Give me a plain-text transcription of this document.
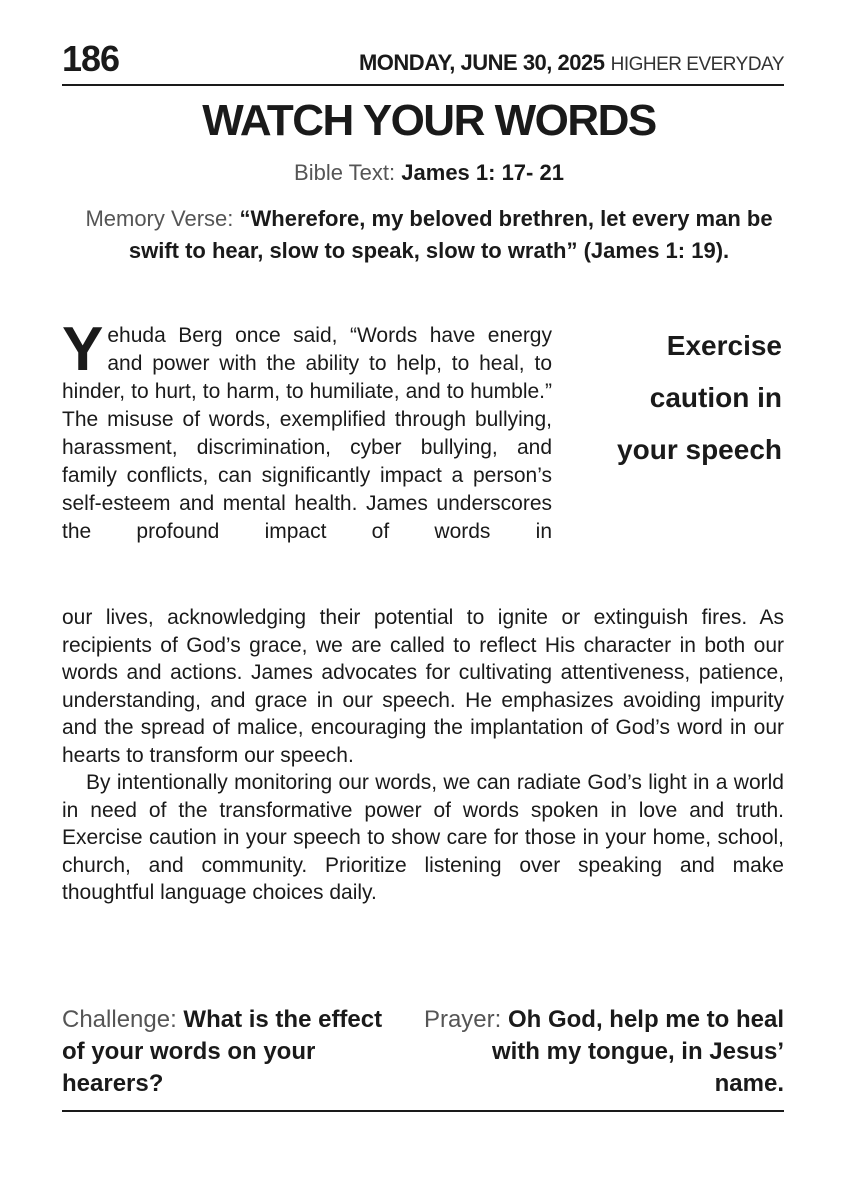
186	MONDAY, JUNE 30, 2025 HIGHER EVERYDAY
WATCH YOUR WORDS
Bible Text: James 1: 17- 21
Memory Verse: “Wherefore, my beloved brethren, let every man be swift to hear, slow to speak, slow to wrath” (James 1: 19).
Exercise caution in your speech
Yehuda Berg once said, “Words have energy and power with the ability to help, to heal, to hinder, to hurt, to harm, to humiliate, and to humble.” The misuse of words, exemplified through bullying, harassment, discrimination, cyber bullying, and family conflicts, can significantly impact a person’s self-esteem and mental health. James underscores the profound impact of words in

our lives, acknowledging their potential to ignite or extinguish fires. As recipients of God’s grace, we are called to reflect His character in both our words and actions. James advocates for cultivating attentiveness, patience, understanding, and grace in our speech. He emphasizes avoiding impurity and the spread of malice, encouraging the implantation of God’s word in our hearts to transform our speech.

By intentionally monitoring our words, we can radiate God’s light in a world in need of the transformative power of words spoken in love and truth. Exercise caution in your speech to show care for those in your home, school, church, and community. Prioritize listening over speaking and make thoughtful language choices daily.

Challenge: What is the effect of your words on your hearers?
Prayer: Oh God, help me to heal with my tongue, in Jesus’ name.
